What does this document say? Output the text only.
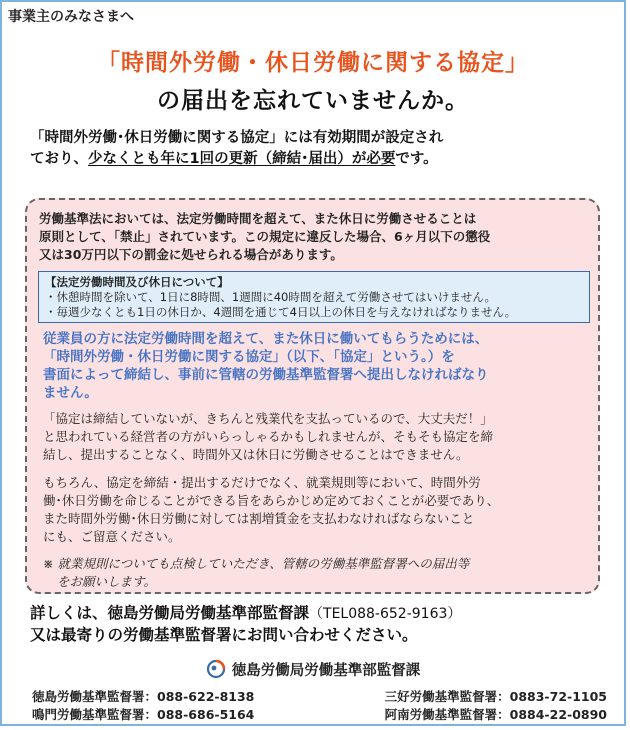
事業主のみなさまへ
「時間外労働・休日労働に関する協定」
の届出を忘れていませんか。

「時間外労働･休日労働に関する協定」には有効期間が設定され

ており、少なくとも年に1回の更新（締結･届出）が必要です。

労働基準法においては、法定労働時間を超えて、また休日に労働させることは

原則として、「禁止」されています。この規定に違反した場合、6ヶ月以下の懲役

又は30万円以下の罰金に処せられる場合があります。

【法定労働時間及び休日について】
・休憩時間を除いて、1日に8時間、1週間に40時間を超えて労働させてはいけません。
・毎週少なくとも1日の休日か、4週間を通じて4日以上の休日を与えなければなりません。

従業員の方に法定労働時間を超えて、また休日に働いてもらうためには、

「時間外労働・休日労働に関する協定」（以下、「協定」という。）を

書面によって締結し、事前に管轄の労働基準監督署へ提出しなければなり

ません。

「協定は締結していないが、きちんと残業代を支払っているので、大丈夫だ！」

と思われている経営者の方がいらっしゃるかもしれませんが、そもそも協定を締

結し、提出することなく、時間外又は休日に労働させることはできません。

もちろん、協定を締結・提出するだけでなく、就業規則等において、時間外労

働･休日労働を命じることができる旨をあらかじめ定めておくことが必要であり、

また時間外労働･休日労働に対しては割増賃金を支払わなければならないこと

にも、ご留意ください。

※ 就業規則についても点検していただき、管轄の労働基準監督署への届出等

をお願いします。

詳しくは、徳島労働局労働基準部監督課（TEL088-652-9163）

又は最寄りの労働基準監督署にお問い合わせください。

徳島労働局労働基準部監督課
徳島労働基準監督署：088-622-8138	三好労働基準監督署：0883-72-1105
鳴門労働基準監督署：088-686-5164	阿南労働基準監督署：0884-22-0890
